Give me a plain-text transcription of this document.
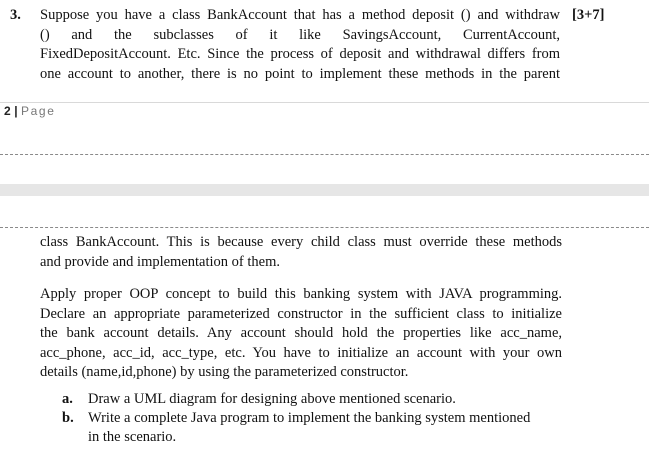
3. Suppose you have a class BankAccount that has a method deposit () and withdraw
() and the subclasses of it like SavingsAccount, CurrentAccount,
FixedDepositAccount. Etc. Since the process of deposit and withdrawal differs from
one account to another, there is no point to implement these methods in the parent
[3+7]
2 | Page
class BankAccount. This is because every child class must override these methods
and provide and implementation of them.
Apply proper OOP concept to build this banking system with JAVA programming.
Declare an appropriate parameterized constructor in the sufficient class to initialize
the bank account details. Any account should hold the properties like acc_name,
acc_phone, acc_id, acc_type, etc. You have to initialize an account with your own
details (name,id,phone) by using the parameterized constructor.
a. Draw a UML diagram for designing above mentioned scenario.
b. Write a complete Java program to implement the banking system mentioned
in the scenario.
